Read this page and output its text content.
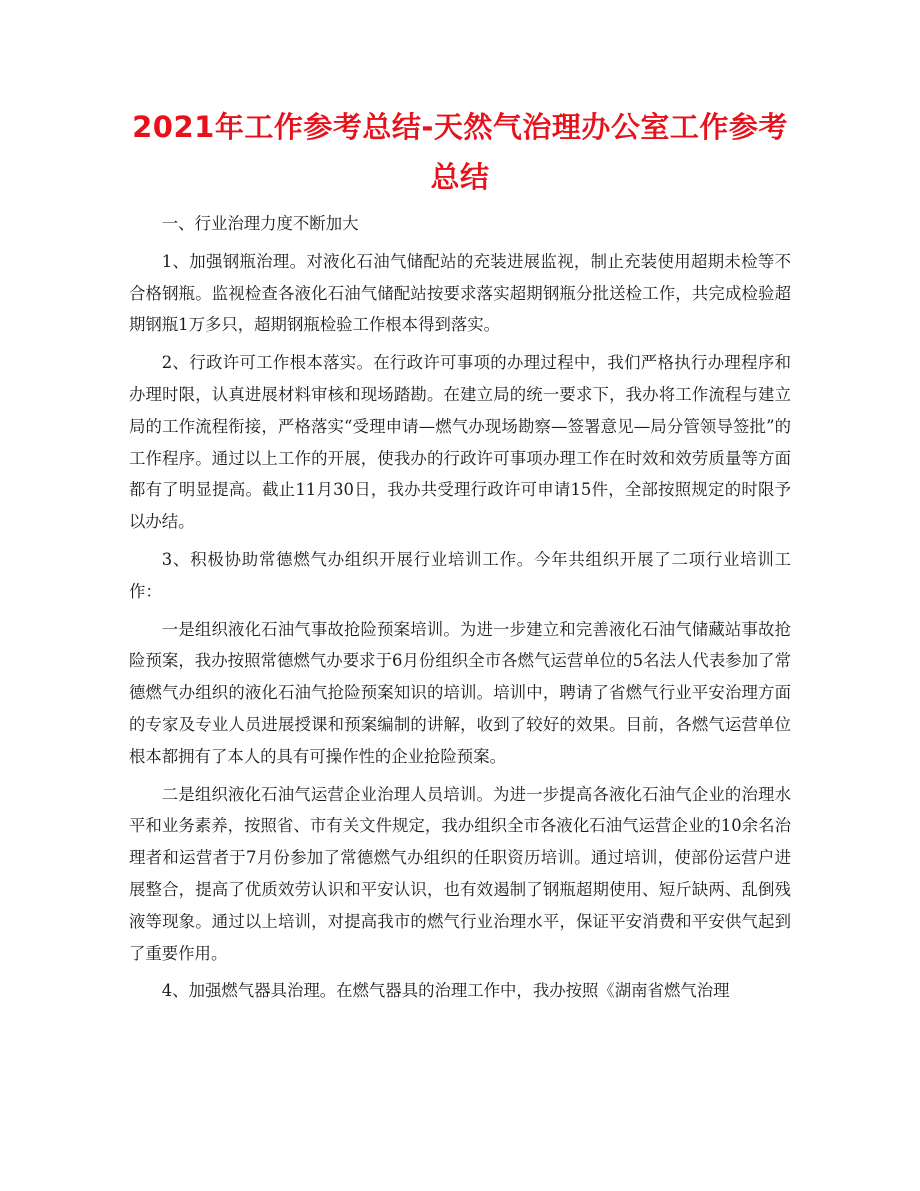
2021年工作参考总结-天然气治理办公室工作参考总结

一、行业治理力度不断加大

1、加强钢瓶治理。对液化石油气储配站的充装进展监视，制止充装使用超期未检等不合格钢瓶。监视检查各液化石油气储配站按要求落实超期钢瓶分批送检工作，共完成检验超期钢瓶1万多只，超期钢瓶检验工作根本得到落实。

2、行政许可工作根本落实。在行政许可事项的办理过程中，我们严格执行办理程序和办理时限，认真进展材料审核和现场踏勘。在建立局的统一要求下，我办将工作流程与建立局的工作流程衔接，严格落实“受理申请—燃气办现场勘察—签署意见—局分管领导签批”的工作程序。通过以上工作的开展，使我办的行政许可事项办理工作在时效和效劳质量等方面都有了明显提高。截止11月30日，我办共受理行政许可申请15件，全部按照规定的时限予以办结。

3、积极协助常德燃气办组织开展行业培训工作。今年共组织开展了二项行业培训工作：

一是组织液化石油气事故抢险预案培训。为进一步建立和完善液化石油气储藏站事故抢险预案，我办按照常德燃气办要求于6月份组织全市各燃气运营单位的5名法人代表参加了常德燃气办组织的液化石油气抢险预案知识的培训。培训中，聘请了省燃气行业平安治理方面的专家及专业人员进展授课和预案编制的讲解，收到了较好的效果。目前，各燃气运营单位根本都拥有了本人的具有可操作性的企业抢险预案。

二是组织液化石油气运营企业治理人员培训。为进一步提高各液化石油气企业的治理水平和业务素养，按照省、市有关文件规定，我办组织全市各液化石油气运营企业的10余名治理者和运营者于7月份参加了常德燃气办组织的任职资历培训。通过培训，使部份运营户进展整合，提高了优质效劳认识和平安认识，也有效遏制了钢瓶超期使用、短斤缺两、乱倒残液等现象。通过以上培训，对提高我市的燃气行业治理水平，保证平安消费和平安供气起到了重要作用。

4、加强燃气器具治理。在燃气器具的治理工作中，我办按照《湖南省燃气治理
